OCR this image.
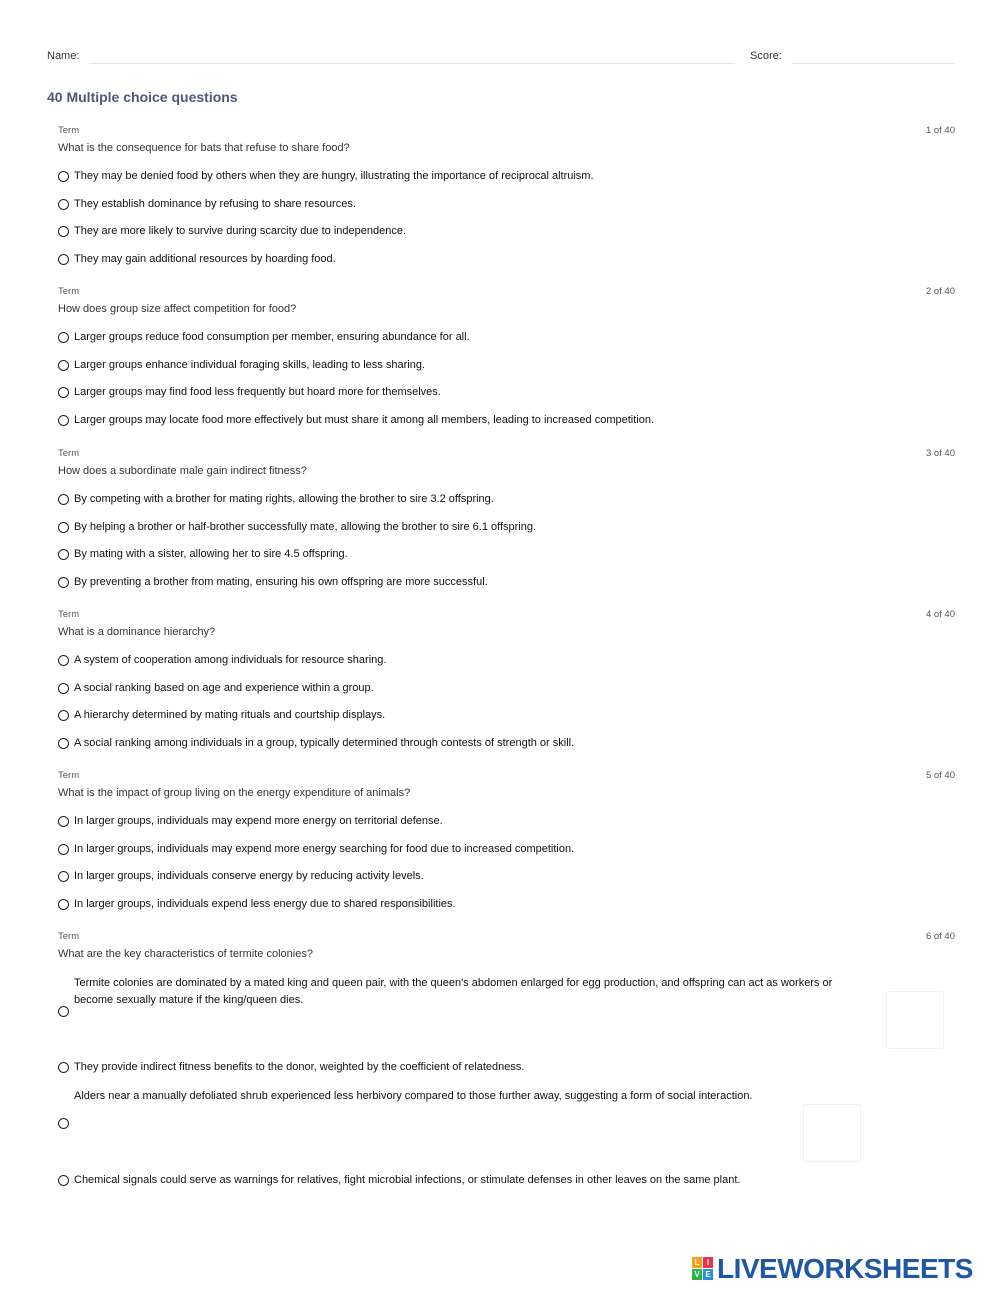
Name:	Score:
40 Multiple choice questions
Term	1 of 40
What is the consequence for bats that refuse to share food?
They may be denied food by others when they are hungry, illustrating the importance of reciprocal altruism.
They establish dominance by refusing to share resources.
They are more likely to survive during scarcity due to independence.
They may gain additional resources by hoarding food.
Term	2 of 40
How does group size affect competition for food?
Larger groups reduce food consumption per member, ensuring abundance for all.
Larger groups enhance individual foraging skills, leading to less sharing.
Larger groups may find food less frequently but hoard more for themselves.
Larger groups may locate food more effectively but must share it among all members, leading to increased competition.
Term	3 of 40
How does a subordinate male gain indirect fitness?
By competing with a brother for mating rights, allowing the brother to sire 3.2 offspring.
By helping a brother or half-brother successfully mate, allowing the brother to sire 6.1 offspring.
By mating with a sister, allowing her to sire 4.5 offspring.
By preventing a brother from mating, ensuring his own offspring are more successful.
Term	4 of 40
What is a dominance hierarchy?
A system of cooperation among individuals for resource sharing.
A social ranking based on age and experience within a group.
A hierarchy determined by mating rituals and courtship displays.
A social ranking among individuals in a group, typically determined through contests of strength or skill.
Term	5 of 40
What is the impact of group living on the energy expenditure of animals?
In larger groups, individuals may expend more energy on territorial defense.
In larger groups, individuals may expend more energy searching for food due to increased competition.
In larger groups, individuals conserve energy by reducing activity levels.
In larger groups, individuals expend less energy due to shared responsibilities.
Term	6 of 40
What are the key characteristics of termite colonies?
Termite colonies are dominated by a mated king and queen pair, with the queen's abdomen enlarged for egg production, and offspring can act as workers or become sexually mature if the king/queen dies.
They provide indirect fitness benefits to the donor, weighted by the coefficient of relatedness.
Alders near a manually defoliated shrub experienced less herbivory compared to those further away, suggesting a form of social interaction.
Chemical signals could serve as warnings for relatives, fight microbial infections, or stimulate defenses in other leaves on the same plant.
L I
V E LIVEWORKSHEETS
